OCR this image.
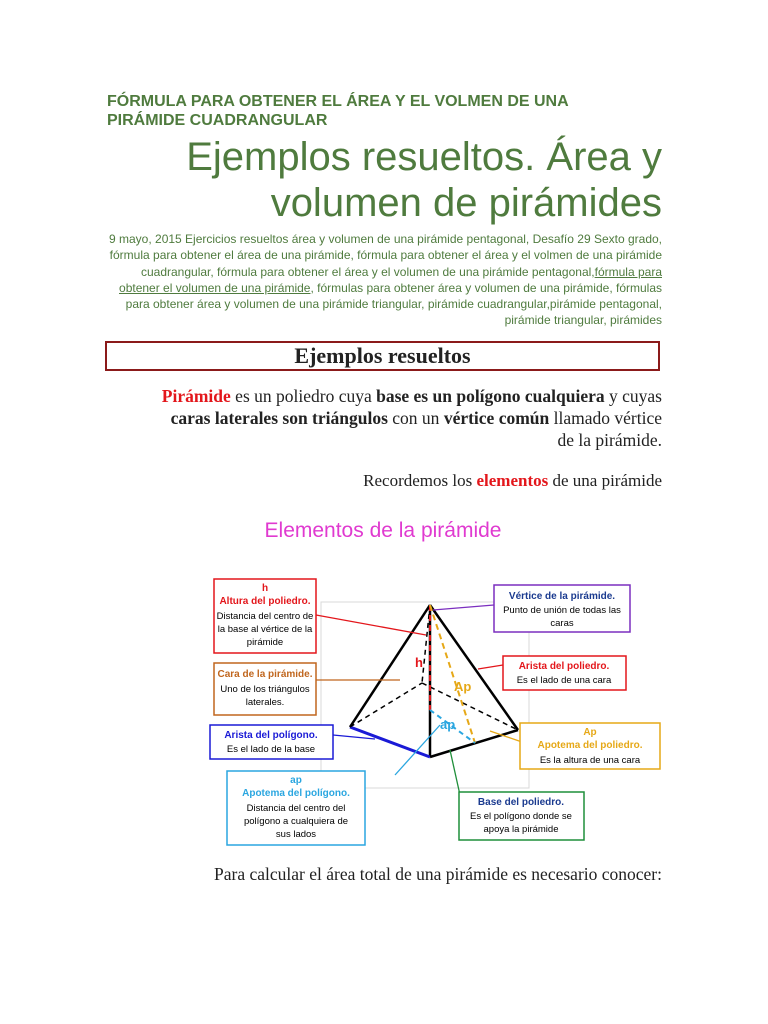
FÓRMULA PARA OBTENER EL ÁREA Y EL VOLMEN DE UNA
PIRÁMIDE CUADRANGULAR
Ejemplos resueltos. Área y
volumen de pirámides

9 mayo, 2015 Ejercicios resueltos área y volumen de una pirámide pentagonal, Desafío 29 Sexto grado, fórmula para obtener el área de una pirámide, fórmula para obtener el área y el volmen de una pirámide cuadrangular, fórmula para obtener el área y el volumen de una pirámide pentagonal,fórmula para obtener el volumen de una pirámide, fórmulas para obtener área y volumen de una pirámide, fórmulas para obtener área y volumen de una pirámide triangular, pirámide cuadrangular,pirámide pentagonal, pirámide triangular, pirámides

Ejemplos resueltos

Pirámide es un poliedro cuya base es un polígono cualquiera y cuyas caras laterales son triángulos con un vértice común llamado vértice de la pirámide.

Recordemos los elementos de una pirámide

Elementos de la pirámide
h
Ap
ap
h
Altura del poliedro.
Distancia del centro de
la base al vértice de la
pirámide
Cara de la pirámide.
Uno de los triángulos
laterales.
Arista del polígono.
Es el lado de la base
ap
Apotema del polígono.
Distancia del centro del
polígono a cualquiera de
sus lados
Vértice de la pirámide.
Punto de unión de todas las
caras
Arista del poliedro.
Es el lado de una cara
Ap
Apotema del poliedro.
Es la altura de una cara
Base del poliedro.
Es el polígono donde se
apoya la pirámide

Para calcular el área total de una pirámide es necesario conocer:
